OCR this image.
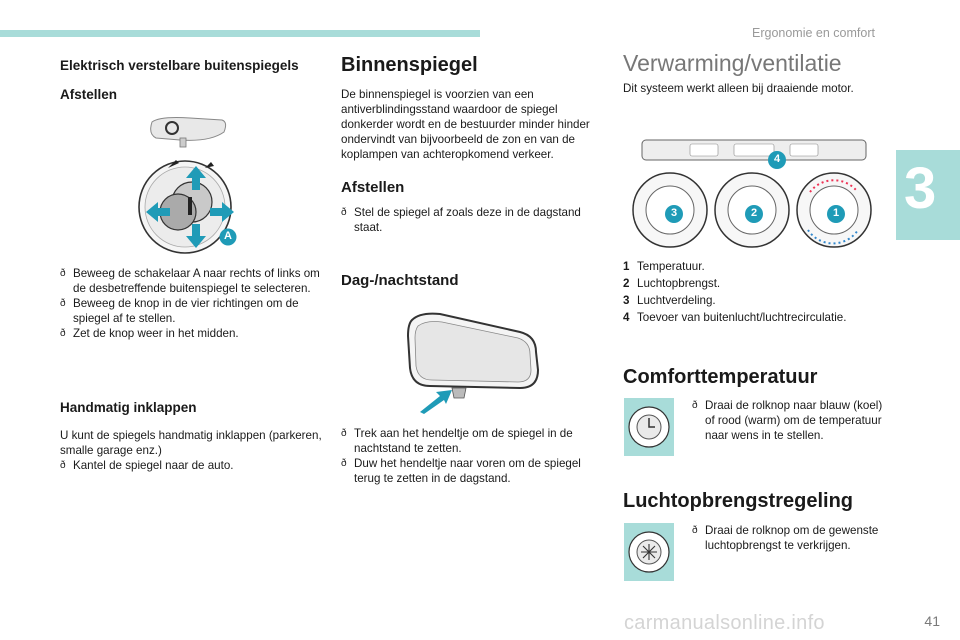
Ergonomie en comfort
3
Elektrisch verstelbare buitenspiegels
Afstellen
A

ð Beweeg de schakelaar A naar rechts of links om de desbetreffende buitenspiegel te selecteren.

ð Beweeg de knop in de vier richtingen om de spiegel af te stellen.

ð Zet de knop weer in het midden.

Handmatig inklappen

U kunt de spiegels handmatig inklappen (parkeren, smalle garage enz.)

ð Kantel de spiegel naar de auto.

Binnenspiegel

De binnenspiegel is voorzien van een antiverblindingsstand waardoor de spiegel donkerder wordt en de bestuurder minder hinder ondervindt van bijvoorbeeld de zon en van de koplampen van achteropkomend verkeer.

Afstellen

ð Stel de spiegel af zoals deze in de dagstand staat.

Dag-/nachtstand

ð Trek aan het hendeltje om de spiegel in de nachtstand te zetten.

ð Duw het hendeltje naar voren om de spiegel terug te zetten in de dagstand.

Verwarming/ventilatie

Dit systeem werkt alleen bij draaiende motor.

4
3	2	1
1 Temperatuur.
2 Luchtopbrengst.
3 Luchtverdeling.
4 Toevoer van buitenlucht/luchtrecirculatie.
Comforttemperatuur

ð Draai de rolknop naar blauw (koel) of rood (warm) om de temperatuur naar wens in te stellen.

Luchtopbrengstregeling

ð Draai de rolknop om de gewenste luchtopbrengst te verkrijgen.

carmanualsonline.info	41
